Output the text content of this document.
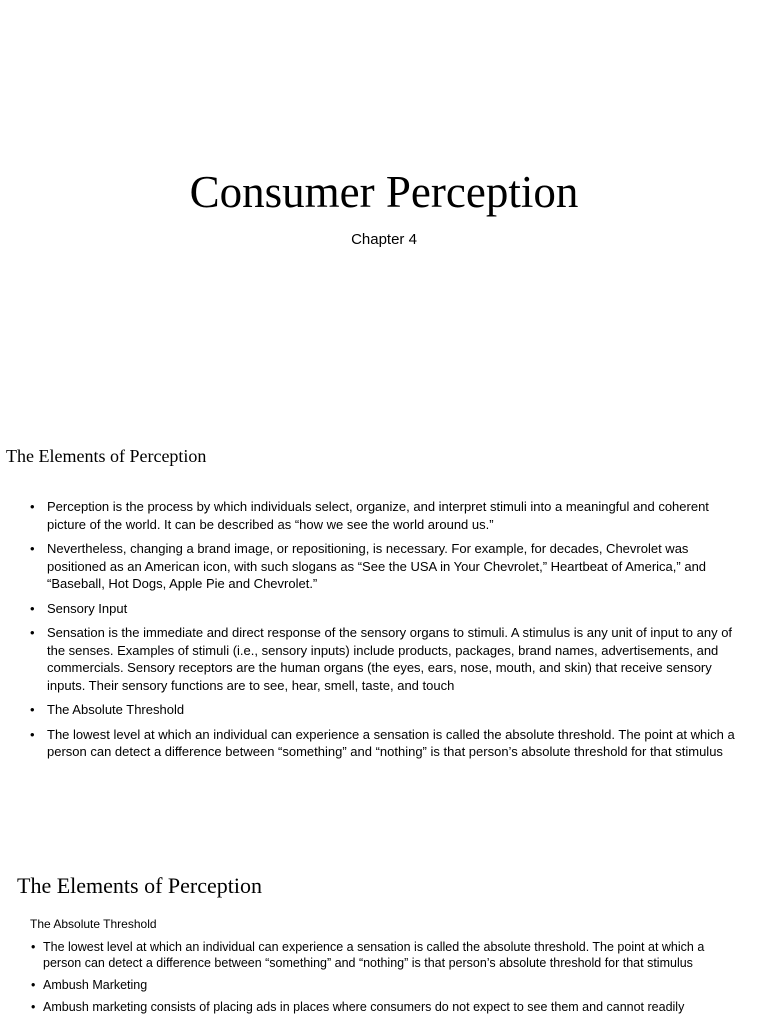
Consumer Perception
Chapter 4
The Elements of Perception
• Perception is the process by which individuals select, organize, and interpret stimuli into a meaningful and coherent picture of the world. It can be described as “how we see the world around us.”
• Nevertheless, changing a brand image, or repositioning, is necessary. For example, for decades, Chevrolet was positioned as an American icon, with such slogans as “See the USA in Your Chevrolet,” Heartbeat of America,” and “Baseball, Hot Dogs, Apple Pie and Chevrolet.”
• Sensory Input
• Sensation is the immediate and direct response of the sensory organs to stimuli. A stimulus is any unit of input to any of the senses. Examples of stimuli (i.e., sensory inputs) include products, packages, brand names, advertisements, and commercials. Sensory receptors are the human organs (the eyes, ears, nose, mouth, and skin) that receive sensory inputs. Their sensory functions are to see, hear, smell, taste, and touch
• The Absolute Threshold
• The lowest level at which an individual can experience a sensation is called the absolute threshold. The point at which a person can detect a difference between “something” and “nothing” is that person’s absolute threshold for that stimulus
The Elements of Perception
The Absolute Threshold
• The lowest level at which an individual can experience a sensation is called the absolute threshold. The point at which a person can detect a difference between “something” and “nothing” is that person’s absolute threshold for that stimulus
• Ambush Marketing
• Ambush marketing consists of placing ads in places where consumers do not expect to see them and cannot readily
